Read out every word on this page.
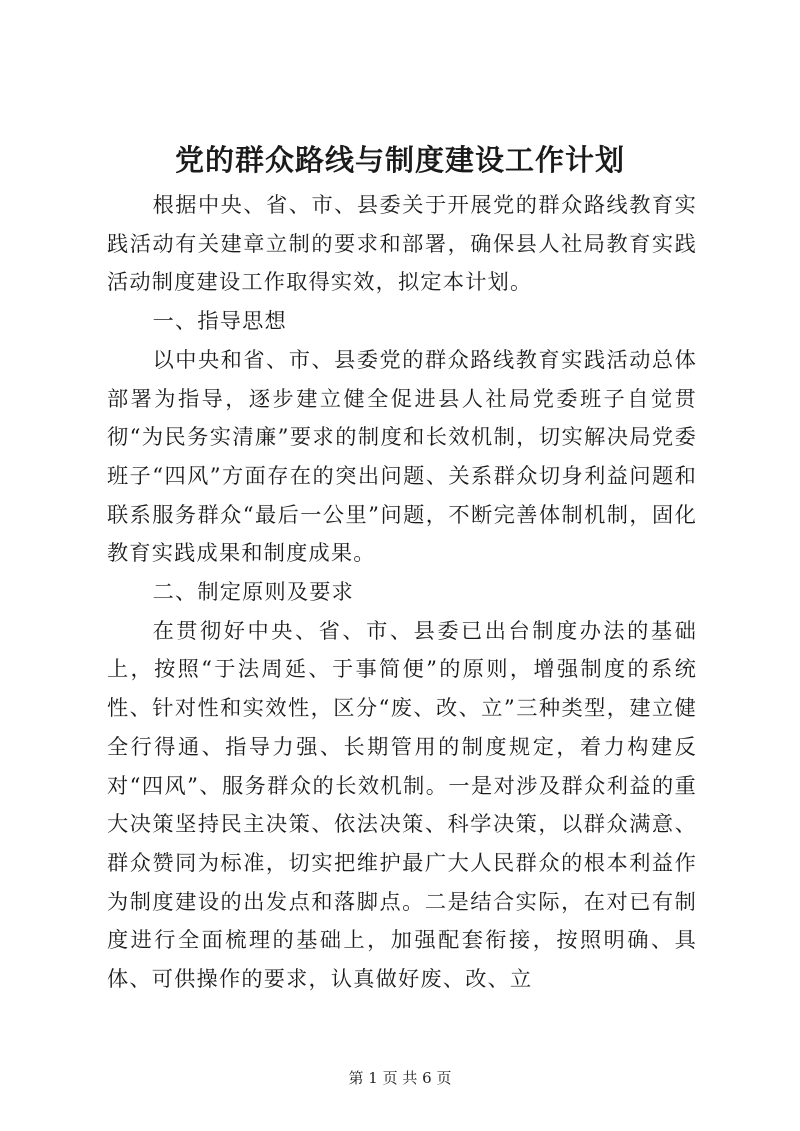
党的群众路线与制度建设工作计划

根据中央、省、市、县委关于开展党的群众路线教育实践活动有关建章立制的要求和部署，确保县人社局教育实践活动制度建设工作取得实效，拟定本计划。

一、指导思想

以中央和省、市、县委党的群众路线教育实践活动总体部署为指导，逐步建立健全促进县人社局党委班子自觉贯彻“为民务实清廉”要求的制度和长效机制，切实解决局党委班子“四风”方面存在的突出问题、关系群众切身利益问题和联系服务群众“最后一公里”问题，不断完善体制机制，固化教育实践成果和制度成果。

二、制定原则及要求

在贯彻好中央、省、市、县委已出台制度办法的基础上，按照“于法周延、于事简便”的原则，增强制度的系统性、针对性和实效性，区分“废、改、立”三种类型，建立健全行得通、指导力强、长期管用的制度规定，着力构建反对“四风”、服务群众的长效机制。一是对涉及群众利益的重大决策坚持民主决策、依法决策、科学决策，以群众满意、群众赞同为标准，切实把维护最广大人民群众的根本利益作为制度建设的出发点和落脚点。二是结合实际，在对已有制度进行全面梳理的基础上，加强配套衔接，按照明确、具体、可供操作的要求，认真做好废、改、立

第 1 页 共 6 页
